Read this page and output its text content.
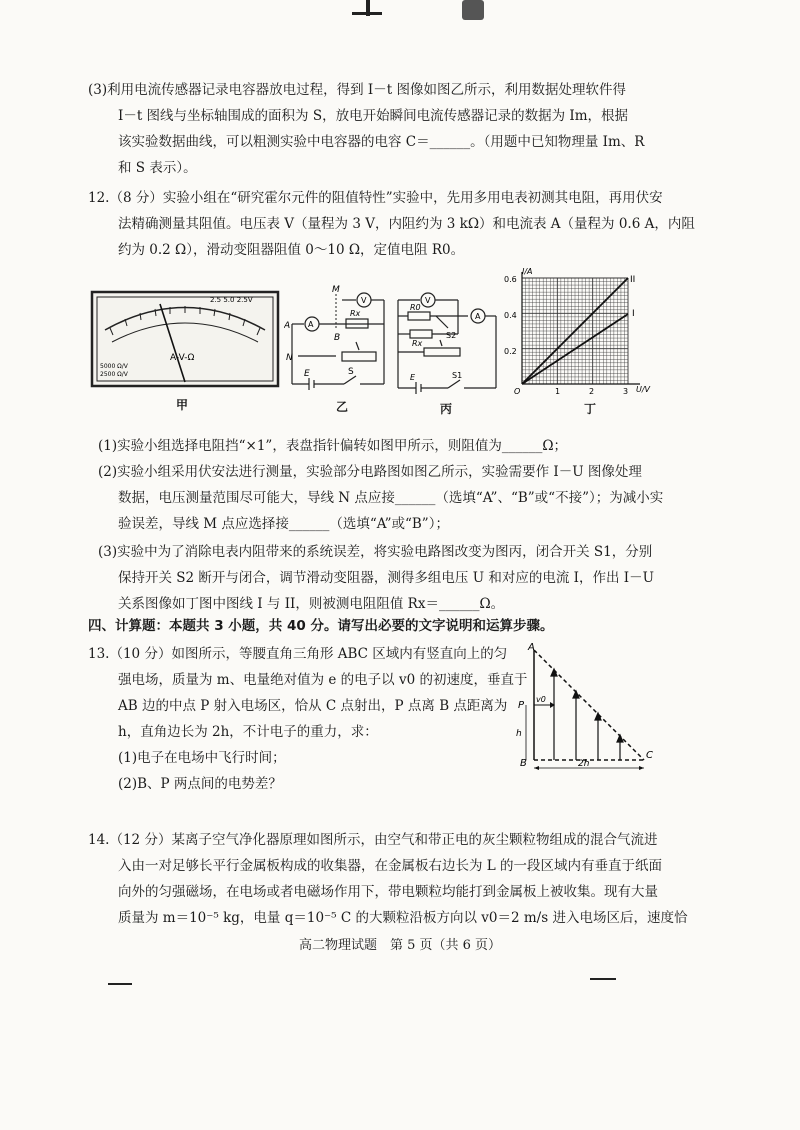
(3)利用电流传感器记录电容器放电过程，得到 I－t 图像如图乙所示，利用数据处理软件得
I－t 图线与坐标轴围成的面积为 S，放电开始瞬间电流传感器记录的数据为 Im，根据
该实验数据曲线，可以粗测实验中电容器的电容 C＝______。（用题中已知物理量 Im、R
和 S 表示）。
12.（8 分）实验小组在“研究霍尔元件的阻值特性”实验中，先用多用电表初测其电阻，再用伏安
法精确测量其阻值。电压表 V（量程为 3 V，内阻约为 3 kΩ）和电流表 A（量程为 0.6 A，内阻
约为 0.2 Ω），滑动变阻器阻值 0～10 Ω，定值电阻 R0。
2.5 5.0 2.5V
A-V-Ω
5000 Ω/V
2500 Ω/V
甲
A
V
M
A
B
N
Rx
E	S
乙
V
A
R0
Rx
S2
E	S1
丙
I/A
U/V
O
0.6
0.4
0.2
1	2	3
I
II
丁
(1)实验小组选择电阻挡“×1”，表盘指针偏转如图甲所示，则阻值为______Ω；
(2)实验小组采用伏安法进行测量，实验部分电路图如图乙所示，实验需要作 I－U 图像处理
数据，电压测量范围尽可能大，导线 N 点应接______（选填“A”、“B”或“不接”）；为减小实
验误差，导线 M 点应选择接______（选填“A”或“B”）；
(3)实验中为了消除电表内阻带来的系统误差，将实验电路图改变为图丙，闭合开关 S1，分别
保持开关 S2 断开与闭合，调节滑动变阻器，测得多组电压 U 和对应的电流 I，作出 I－U
关系图像如丁图中图线 I 与 II，则被测电阻阻值 Rx＝______Ω。
四、计算题：本题共 3 小题，共 40 分。请写出必要的文字说明和运算步骤。
13.（10 分）如图所示，等腰直角三角形 ABC 区域内有竖直向上的匀
强电场，质量为 m、电量绝对值为 e 的电子以 v0 的初速度，垂直于
AB 边的中点 P 射入电场区，恰从 C 点射出，P 点离 B 点距离为
h，直角边长为 2h，不计电子的重力，求：
(1)电子在电场中飞行时间；
(2)B、P 两点间的电势差？
A
B
C
P
v0
h
2h
14.（12 分）某离子空气净化器原理如图所示，由空气和带正电的灰尘颗粒物组成的混合气流进
入由一对足够长平行金属板构成的收集器，在金属板右边长为 L 的一段区域内有垂直于纸面
向外的匀强磁场，在电场或者电磁场作用下，带电颗粒均能打到金属板上被收集。现有大量
质量为 m＝10⁻⁵ kg，电量 q＝10⁻⁵ C 的大颗粒沿板方向以 v0＝2 m/s 进入电场区后，速度恰
高二物理试题　第 5 页（共 6 页）
